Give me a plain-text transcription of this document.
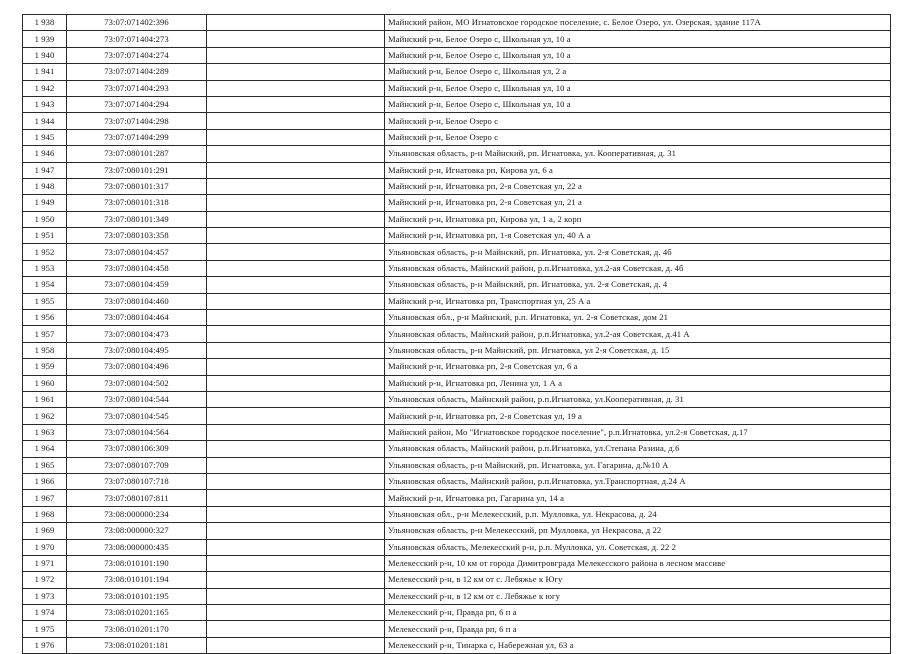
1 938	73:07:071402:396		Майнский район, МО Игнатовское городское поселение, с. Белое Озеро, ул. Озерская, здание 117А
1 939	73:07:071404:273		Майнский р-н, Белое Озеро с, Школьная ул, 10 а
1 940	73:07:071404:274		Майнский р-н, Белое Озеро с, Школьная ул, 10 а
1 941	73:07:071404:289		Майнский р-н, Белое Озеро с, Школьная ул, 2 а
1 942	73:07:071404:293		Майнский р-н, Белое Озеро с, Школьная ул, 10 а
1 943	73:07:071404:294		Майнский р-н, Белое Озеро с, Школьная ул, 10 а
1 944	73:07:071404:298		Майнский р-н, Белое Озеро с
1 945	73:07:071404:299		Майнский р-н, Белое Озеро с
1 946	73:07:080101:287		Ульяновская область, р-н Майнский, рп. Игнатовка, ул. Кооперативная, д. 31
1 947	73:07:080101:291		Майнский р-н, Игнатовка рп, Кирова ул, 6 а
1 948	73:07:080101:317		Майнский р-н, Игнатовка рп, 2-я Советская ул, 22 а
1 949	73:07:080101:318		Майнский р-н, Игнатовка рп, 2-я Советская ул, 21 а
1 950	73:07:080101:349		Майнский р-н, Игнатовка рп, Кирова ул, 1 а, 2 корп
1 951	73:07:080103:358		Майнский р-н, Игнатовка рп, 1-я Советская ул, 40 А а
1 952	73:07:080104:457		Ульяновская область, р-н Майнский, рп. Игнатовка, ул. 2-я Советская, д. 4б
1 953	73:07:080104:458		Ульяновская область, Майнский район, р.п.Игнатовка, ул.2-ая Советская, д. 4б
1 954	73:07:080104:459		Ульяновская область, р-н Майнский, рп. Игнатовка, ул. 2-я Советская, д. 4
1 955	73:07:080104:460		Майнский р-н, Игнатовка рп, Транспортная ул, 25 А а
1 956	73:07:080104:464		Ульяновская обл., р-н Майнский, р.п. Игнатовка, ул. 2-я Советская, дом 21
1 957	73:07:080104:473		Ульяновская область, Майнский район, р.п.Игнатовка, ул.2-ая Советская, д.41 А
1 958	73:07:080104:495		Ульяновская область, р-н Майнский, рп. Игнатовка, ул 2-я Советская, д. 15
1 959	73:07:080104:496		Майнский р-н, Игнатовка рп, 2-я Советская ул, 6 а
1 960	73:07:080104:502		Майнский р-н, Игнатовка рп, Ленина ул, 1 А а
1 961	73:07:080104:544		Ульяновская область, Майнский район, р.п.Игнатовка, ул.Кооперативная, д. 31
1 962	73:07:080104:545		Майнский р-н, Игнатовка рп, 2-я Советская ул, 19 а
1 963	73:07:080104:564		Майнский район, Мо "Игнатовское городское поселение", р.п.Игнатовка, ул.2-я Советская, д.17
1 964	73:07:080106:309		Ульяновская область, Майнский район, р.п.Игнатовка, ул.Степана Разина, д.6
1 965	73:07:080107:709		Ульяновская область, р-н Майнский, рп. Игнатовка, ул. Гагарина, д.№10 А
1 966	73:07:080107:718		Ульяновская область, Майнский район, р.п.Игнатовка, ул.Транспортная, д.24 А
1 967	73:07:080107:811		Майнский р-н, Игнатовка рп, Гагарина ул, 14 а
1 968	73:08:000000:234		Ульяновская обл., р-н Мелекесский, р.п. Мулловка, ул. Некрасова, д. 24
1 969	73:08:000000:327		Ульяновская область, р-н Мелекесский, рп Мулловка, ул Некрасова, д 22
1 970	73:08:000000:435		Ульяновская область, Мелекесский р-н, р.п. Мулловка, ул. Советская, д. 22 2
1 971	73:08:010101:190		Мелекесский р-н, 10 км от города Димитровграда Мелекесского района в лесном массиве
1 972	73:08:010101:194		Мелекесский р-н, в 12 км от с. Лебяжье к Югу
1 973	73:08:010101:195		Мелекесский р-н, в 12 км от с. Лебяжье к югу
1 974	73:08:010201:165		Мелекесский р-н, Правда рп, 6 п а
1 975	73:08:010201:170		Мелекесский р-н, Правда рп, 6 п а
1 976	73:08:010201:181		Мелекесский р-н, Тинарка с, Набережная ул, 63 а
